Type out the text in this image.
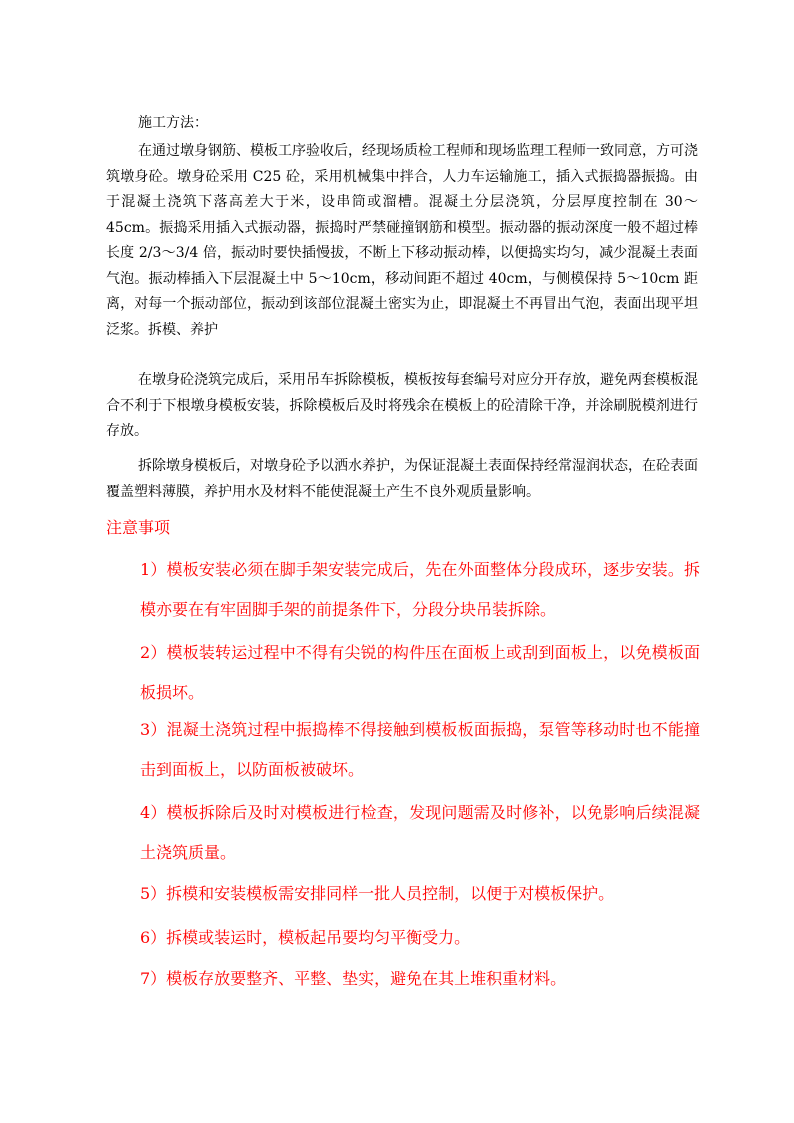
施工方法：

在通过墩身钢筋、模板工序验收后，经现场质检工程师和现场监理工程师一致同意，方可浇筑墩身砼。墩身砼采用 C25 砼，采用机械集中拌合，人力车运输施工，插入式振捣器振捣。由于混凝土浇筑下落高差大于米，设串筒或溜槽。混凝土分层浇筑，分层厚度控制在 30～45cm。振捣采用插入式振动器，振捣时严禁碰撞钢筋和模型。振动器的振动深度一般不超过棒长度 2/3～3/4 倍，振动时要快插慢拔，不断上下移动振动棒，以便捣实均匀，减少混凝土表面气泡。振动棒插入下层混凝土中 5～10cm，移动间距不超过 40cm，与侧模保持 5～10cm 距离，对每一个振动部位，振动到该部位混凝土密实为止，即混凝土不再冒出气泡，表面出现平坦泛浆。拆模、养护

在墩身砼浇筑完成后，采用吊车拆除模板，模板按每套编号对应分开存放，避免两套模板混合不利于下根墩身模板安装，拆除模板后及时将残余在模板上的砼清除干净，并涂刷脱模剂进行存放。

拆除墩身模板后，对墩身砼予以洒水养护，为保证混凝土表面保持经常湿润状态，在砼表面覆盖塑料薄膜，养护用水及材料不能使混凝土产生不良外观质量影响。

注意事项

1）模板安装必须在脚手架安装完成后，先在外面整体分段成环，逐步安装。拆模亦要在有牢固脚手架的前提条件下，分段分块吊装拆除。

2）模板装转运过程中不得有尖锐的构件压在面板上或刮到面板上，以免模板面板损坏。

3）混凝土浇筑过程中振捣棒不得接触到模板板面振捣，泵管等移动时也不能撞击到面板上，以防面板被破坏。

4）模板拆除后及时对模板进行检查，发现问题需及时修补，以免影响后续混凝土浇筑质量。

5）拆模和安装模板需安排同样一批人员控制，以便于对模板保护。

6）拆模或装运时，模板起吊要均匀平衡受力。

7）模板存放要整齐、平整、垫实，避免在其上堆积重材料。
